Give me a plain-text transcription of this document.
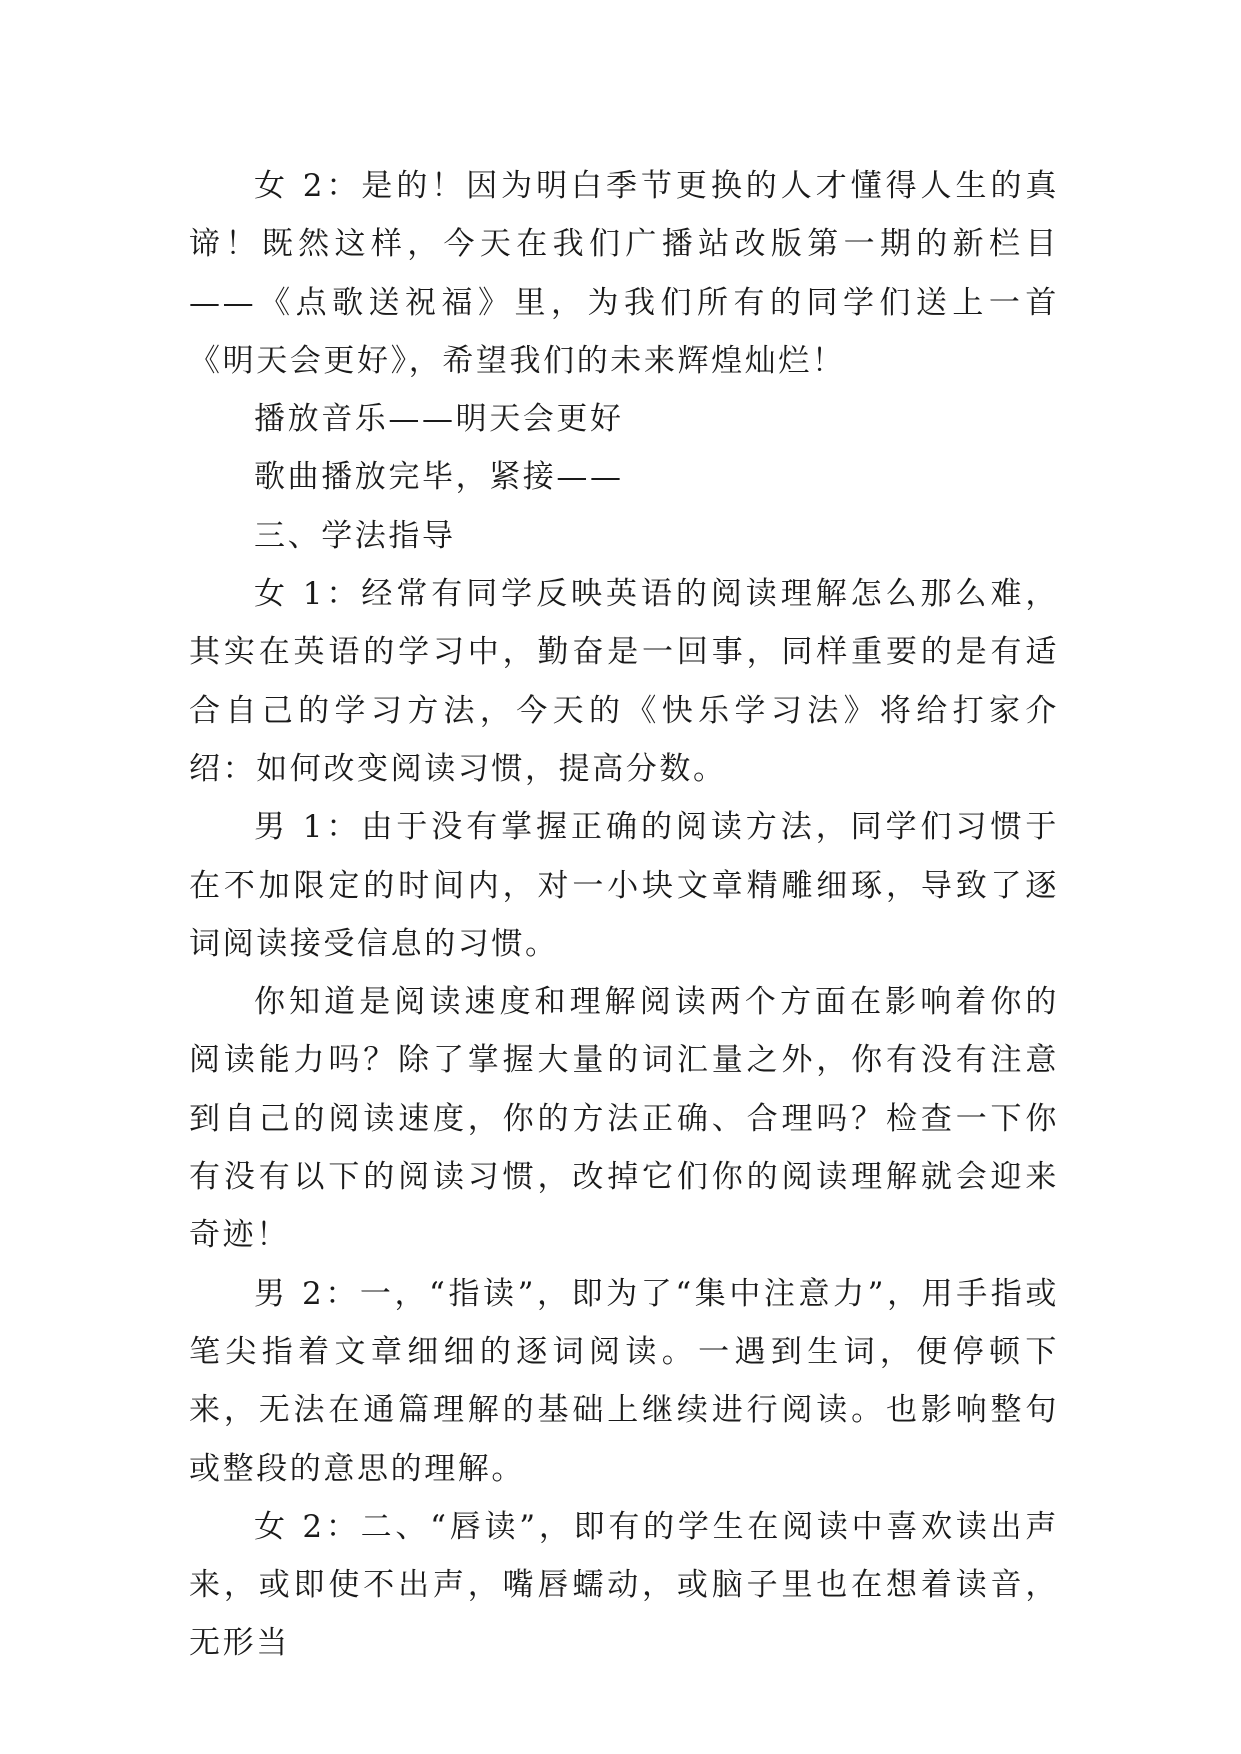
女 2：是的！因为明白季节更换的人才懂得人生的真谛！既然这样，今天在我们广播站改版第一期的新栏目——《点歌送祝福》里，为我们所有的同学们送上一首《明天会更好》，希望我们的未来辉煌灿烂！

播放音乐——明天会更好

歌曲播放完毕，紧接——

三、学法指导

女 1：经常有同学反映英语的阅读理解怎么那么难，其实在英语的学习中，勤奋是一回事，同样重要的是有适合自己的学习方法，今天的《快乐学习法》将给打家介绍：如何改变阅读习惯，提高分数。

男 1：由于没有掌握正确的阅读方法，同学们习惯于在不加限定的时间内，对一小块文章精雕细琢，导致了逐词阅读接受信息的习惯。

你知道是阅读速度和理解阅读两个方面在影响着你的阅读能力吗？除了掌握大量的词汇量之外，你有没有注意到自己的阅读速度，你的方法正确、合理吗？检查一下你有没有以下的阅读习惯，改掉它们你的阅读理解就会迎来奇迹！

男 2：一，“指读”，即为了“集中注意力”，用手指或笔尖指着文章细细的逐词阅读。一遇到生词，便停顿下来，无法在通篇理解的基础上继续进行阅读。也影响整句或整段的意思的理解。

女 2：二、“唇读”，即有的学生在阅读中喜欢读出声来，或即使不出声，嘴唇蠕动，或脑子里也在想着读音，无形当
